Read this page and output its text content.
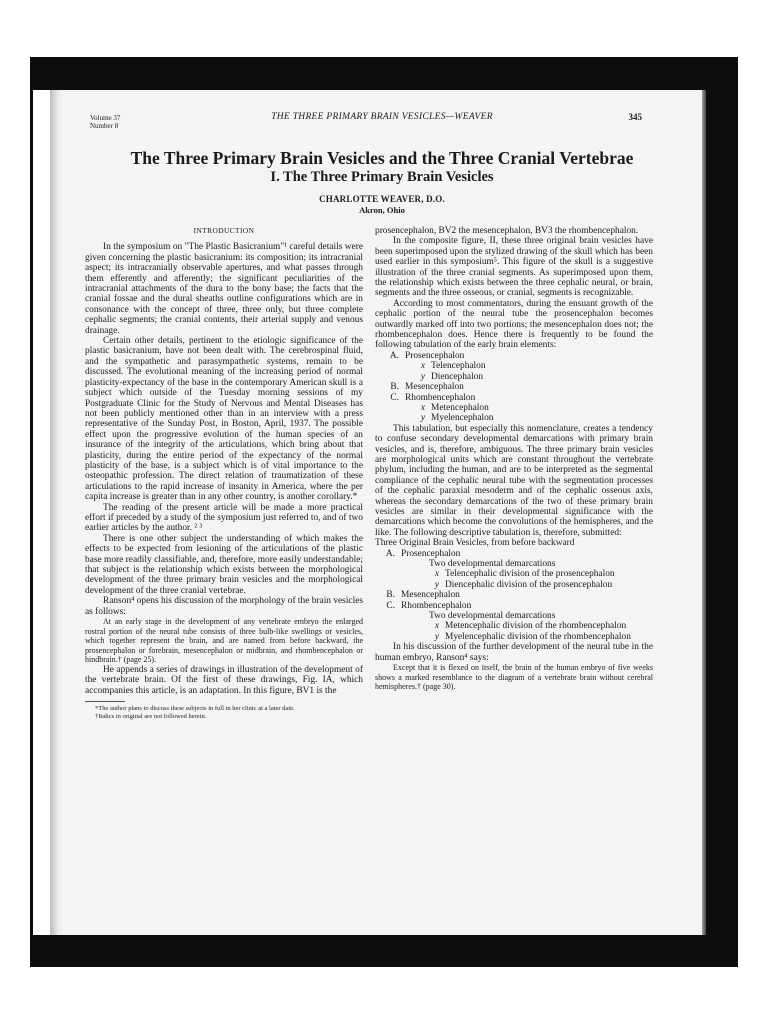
Volume 37
Number 8
THE THREE PRIMARY BRAIN VESICLES—WEAVER	345
The Three Primary Brain Vesicles and the Three Cranial Vertebrae
I. The Three Primary Brain Vesicles
CHARLOTTE WEAVER, D.O.
Akron, Ohio
INTRODUCTION

In the symposium on "The Plastic Basicranium"¹ careful details were given concerning the plastic basicranium: its composition; its intracranial aspect; its intracranially observable apertures, and what passes through them efferently and afferently; the significant peculiarities of the intracranial attachments of the dura to the bony base; the facts that the cranial fossae and the dural sheaths outline configurations which are in consonance with the concept of three, three only, but three complete cephalic segments; the cranial contents, their arterial supply and venous drainage.

Certain other details, pertinent to the etiologic significance of the plastic basicranium, have not been dealt with. The cerebrospinal fluid, and the sympathetic and parasympathetic systems, remain to be discussed. The evolutional meaning of the increasing period of normal plasticity-expectancy of the base in the contemporary American skull is a subject which outside of the Tuesday morning sessions of my Postgraduate Clinic for the Study of Nervous and Mental Diseases has not been publicly mentioned other than in an interview with a press representative of the Sunday Post, in Boston, April, 1937. The possible effect upon the progressive evolution of the human species of an insurance of the integrity of the articulations, which bring about that plasticity, during the entire period of the expectancy of the normal plasticity of the base, is a subject which is of vital importance to the osteopathic profession. The direct relation of traumatization of these articulations to the rapid increase of insanity in America, where the per capita increase is greater than in any other country, is another corollary.*

The reading of the present article will be made a more practical effort if preceded by a study of the symposium just referred to, and of two earlier articles by the author. ² ³

There is one other subject the understanding of which makes the effects to be expected from lesioning of the articulations of the plastic base more readily classifiable, and, therefore, more easily understandable; that subject is the relationship which exists between the morphological development of the three primary brain vesicles and the morphological development of the three cranial vertebrae.

Ranson⁴ opens his discussion of the morphology of the brain vesicles as follows:

At an early stage in the development of any vertebrate embryo the enlarged rostral portion of the neural tube consists of three bulb-like swellings or vesicles, which together represent the brain, and are named from before backward, the prosencephalon or forebrain, mesencephalon or midbrain, and rhombencephalon or hindbrain.† (page 25).

He appends a series of drawings in illustration of the development of the vertebrate brain. Of the first of these drawings, Fig. IA, which accompanies this article, is an adaptation. In this figure, BV1 is the

*The author plans to discuss these subjects in full in her clinic at a later date.
†Italics in original are not followed herein.

prosencephalon, BV2 the mesencephalon, BV3 the rhombencephalon.

In the composite figure, II, these three original brain vesicles have been superimposed upon the stylized drawing of the skull which has been used earlier in this symposium⁵. This figure of the skull is a suggestive illustration of the three cranial segments. As superimposed upon them, the relationship which exists between the three cephalic neural, or brain, segments and the three osseous, or cranial, segments is recognizable.

According to most commentators, during the ensuant growth of the cephalic portion of the neural tube the prosencephalon becomes outwardly marked off into two portions; the mesencephalon does not; the rhombencephalon does. Hence there is frequently to be found the following tabulation of the early brain elements:

A. Prosencephalon
x Telencephalon
y Diencephalon
B. Mesencephalon
C. Rhombencephalon
x Metencephalon
y Myelencephalon

This tabulation, but especially this nomenclature, creates a tendency to confuse secondary developmental demarcations with primary brain vesicles, and is, therefore, ambiguous. The three primary brain vesicles are morphological units which are constant throughout the vertebrate phylum, including the human, and are to be interpreted as the segmental compliance of the cephalic neural tube with the segmentation processes of the cephalic paraxial mesoderm and of the cephalic osseous axis, whereas the secondary demarcations of the two of these primary brain vesicles are similar in their developmental significance with the demarcations which become the convolutions of the hemispheres, and the like. The following descriptive tabulation is, therefore, submitted:

Three Original Brain Vesicles, from before backward
A. Prosencephalon
Two developmental demarcations
x Telencephalic division of the prosencephalon
y Diencephalic division of the prosencephalon
B. Mesencephalon
C. Rhombencephalon
Two developmental demarcations
x Metencephalic division of the rhombencephalon
y Myelencephalic division of the rhombencephalon

In his discussion of the further development of the neural tube in the human embryo, Ranson⁴ says:

Except that it is flexed on itself, the brain of the human embryo of five weeks shows a marked resemblance to the diagram of a vertebrate brain without cerebral hemispheres.† (page 30).

˴
